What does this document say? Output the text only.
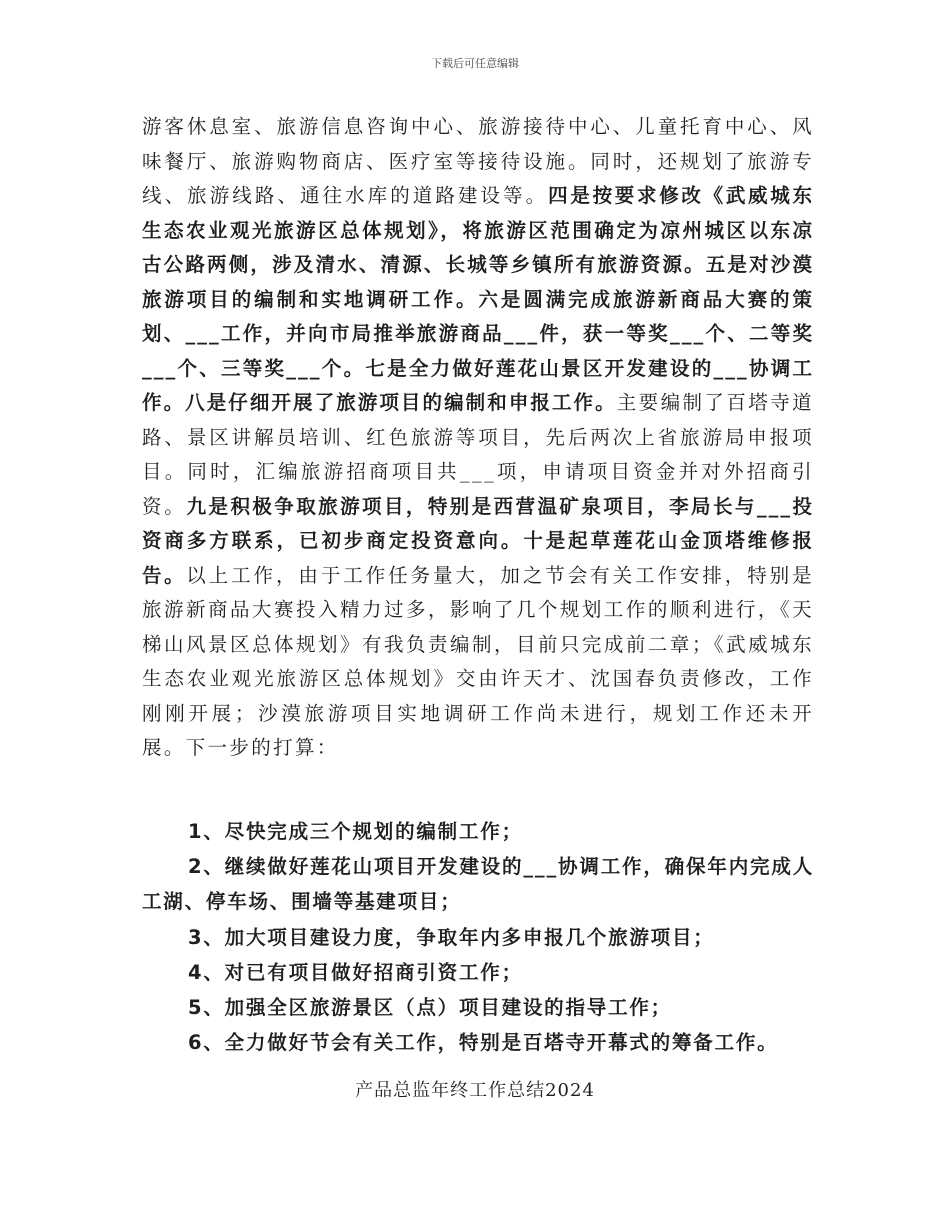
下载后可任意编辑

游客休息室、旅游信息咨询中心、旅游接待中心、儿童托育中心、风味餐厅、旅游购物商店、医疗室等接待设施。同时，还规划了旅游专线、旅游线路、通往水库的道路建设等。四是按要求修改《武威城东生态农业观光旅游区总体规划》，将旅游区范围确定为凉州城区以东凉古公路两侧，涉及清水、清源、长城等乡镇所有旅游资源。五是对沙漠旅游项目的编制和实地调研工作。六是圆满完成旅游新商品大赛的策划、___工作，并向市局推举旅游商品___件，获一等奖___个、二等奖___个、三等奖___个。七是全力做好莲花山景区开发建设的___协调工作。八是仔细开展了旅游项目的编制和申报工作。主要编制了百塔寺道路、景区讲解员培训、红色旅游等项目，先后两次上省旅游局申报项目。同时，汇编旅游招商项目共___项，申请项目资金并对外招商引资。九是积极争取旅游项目，特别是西营温矿泉项目，李局长与___投资商多方联系，已初步商定投资意向。十是起草莲花山金顶塔维修报告。以上工作，由于工作任务量大，加之节会有关工作安排，特别是旅游新商品大赛投入精力过多，影响了几个规划工作的顺利进行，《天梯山风景区总体规划》有我负责编制，目前只完成前二章；《武威城东生态农业观光旅游区总体规划》交由许天才、沈国春负责修改，工作刚刚开展；沙漠旅游项目实地调研工作尚未进行，规划工作还未开展。下一步的打算：

1、尽快完成三个规划的编制工作；

2、继续做好莲花山项目开发建设的___协调工作，确保年内完成人工湖、停车场、围墙等基建项目；

3、加大项目建设力度，争取年内多申报几个旅游项目；

4、对已有项目做好招商引资工作；

5、加强全区旅游景区（点）项目建设的指导工作；

6、全力做好节会有关工作，特别是百塔寺开幕式的筹备工作。

产品总监年终工作总结2024
